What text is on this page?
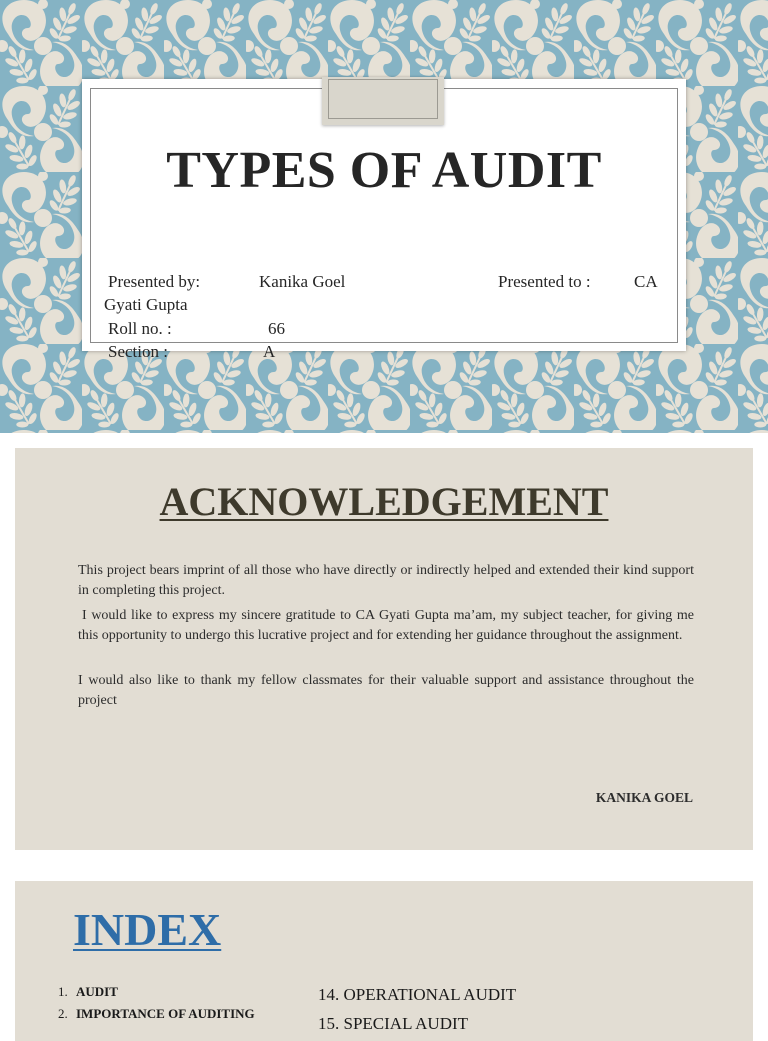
TYPES OF AUDIT
Presented by:	Kanika Goel	Presented to :	CA
Gyati Gupta
Roll no. :	66
Section :	A
ACKNOWLEDGEMENT

This project bears imprint of all those who have directly or indirectly helped and extended their kind support in completing this project.

I would like to express my sincere gratitude to CA Gyati Gupta ma’am, my subject teacher, for giving me this opportunity to undergo this lucrative project and for extending her guidance throughout the assignment.

I would also like to thank my fellow classmates for their valuable support and assistance throughout the project

KANIKA GOEL
INDEX
1. AUDIT
2. IMPORTANCE OF AUDITING
14. OPERATIONAL AUDIT
15. SPECIAL AUDIT
